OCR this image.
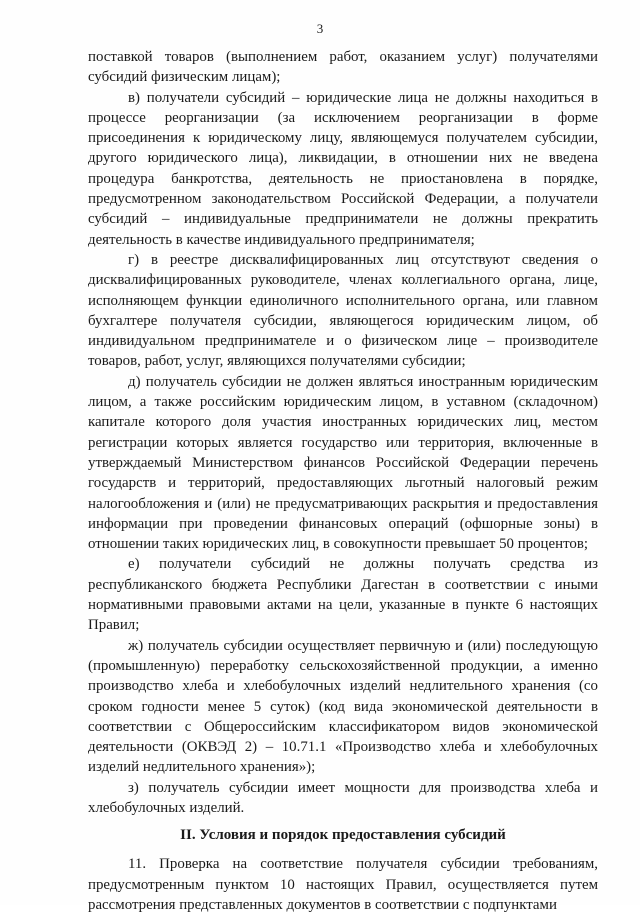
3

поставкой товаров (выполнением работ, оказанием услуг) получателями субсидий физическим лицам);

в) получатели субсидий – юридические лица не должны находиться в процессе реорганизации (за исключением реорганизации в форме присоединения к юридическому лицу, являющемуся получателем субсидии, другого юридического лица), ликвидации, в отношении них не введена процедура банкротства, деятельность не приостановлена в порядке, предусмотренном законодательством Российской Федерации, а получатели субсидий – индивидуальные предприниматели не должны прекратить деятельность в качестве индивидуального предпринимателя;

г) в реестре дисквалифицированных лиц отсутствуют сведения о дисквалифицированных руководителе, членах коллегиального органа, лице, исполняющем функции единоличного исполнительного органа, или главном бухгалтере получателя субсидии, являющегося юридическим лицом, об индивидуальном предпринимателе и о физическом лице – производителе товаров, работ, услуг, являющихся получателями субсидии;

д) получатель субсидии не должен являться иностранным юридическим лицом, а также российским юридическим лицом, в уставном (складочном) капитале которого доля участия иностранных юридических лиц, местом регистрации которых является государство или территория, включенные в утверждаемый Министерством финансов Российской Федерации перечень государств и территорий, предоставляющих льготный налоговый режим налогообложения и (или) не предусматривающих раскрытия и предоставления информации при проведении финансовых операций (офшорные зоны) в отношении таких юридических лиц, в совокупности превышает 50 процентов;

е) получатели субсидий не должны получать средства из республиканского бюджета Республики Дагестан в соответствии с иными нормативными правовыми актами на цели, указанные в пункте 6 настоящих Правил;

ж) получатель субсидии осуществляет первичную и (или) последующую (промышленную) переработку сельскохозяйственной продукции, а именно производство хлеба и хлебобулочных изделий недлительного хранения (со сроком годности менее 5 суток) (код вида экономической деятельности в соответствии с Общероссийским классификатором видов экономической деятельности (ОКВЭД 2) – 10.71.1 «Производство хлеба и хлебобулочных изделий недлительного хранения»);

з) получатель субсидии имеет мощности для производства хлеба и хлебобулочных изделий.

II. Условия и порядок предоставления субсидий

11. Проверка на соответствие получателя субсидии требованиям, предусмотренным пунктом 10 настоящих Правил, осуществляется путем рассмотрения представленных документов в соответствии с подпунктами
